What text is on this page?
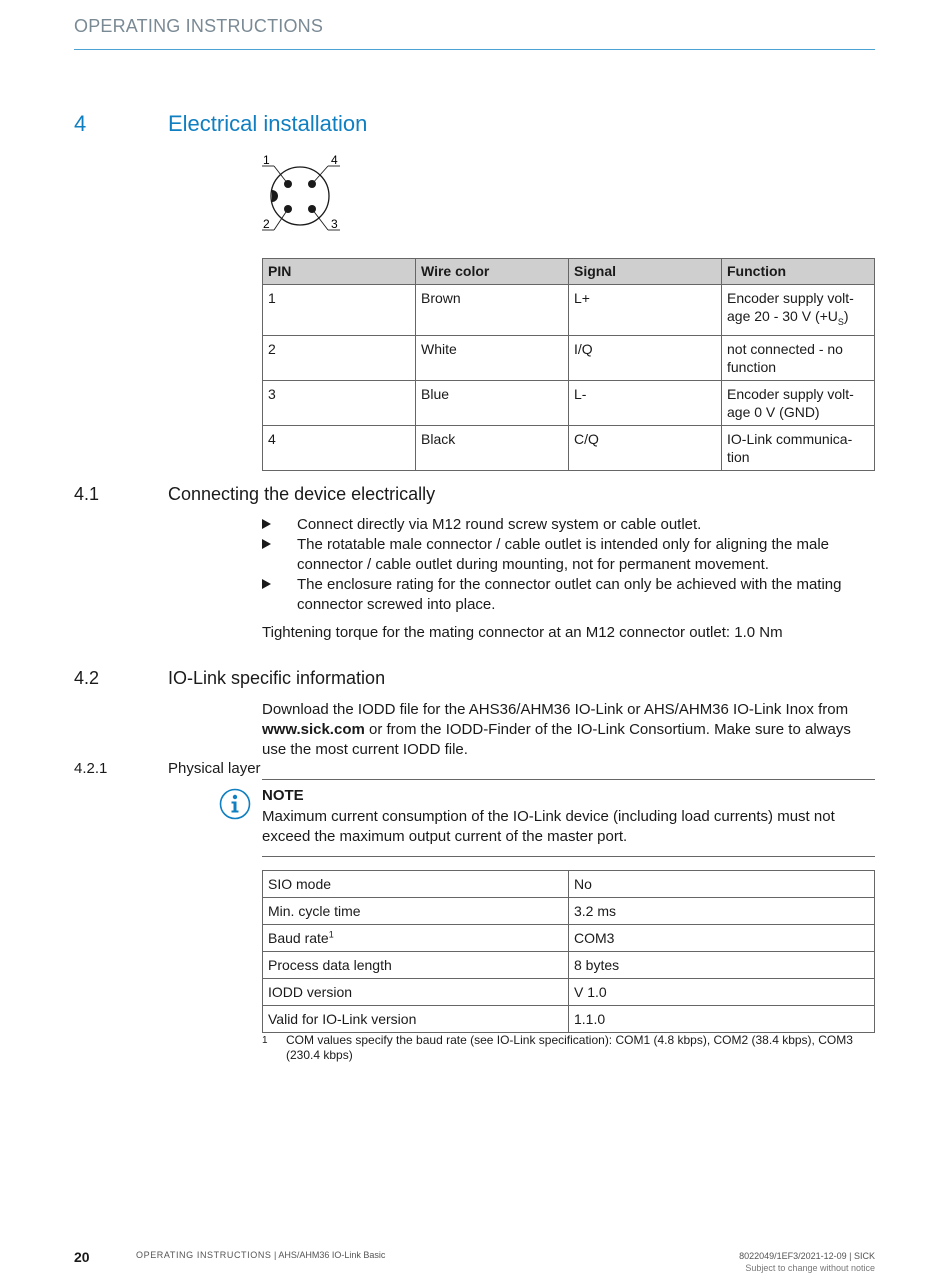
OPERATING INSTRUCTIONS
4	Electrical installation
1	4
2	3
PIN	Wire color	Signal	Function
1	Brown	L+	Encoder supply volt-
age 20 - 30 V $(+U_S)$
2	White	I/Q	not connected - no
function
3	Blue	L-	Encoder supply volt-
age 0 V (GND)
4	Black	C/Q	IO-Link communica-
tion
4.1	Connecting the device electrically
Connect directly via M12 round screw system or cable outlet.
The rotatable male connector / cable outlet is intended only for aligning the male connector / cable outlet during mounting, not for permanent movement.
The enclosure rating for the connector outlet can only be achieved with the mating connector screwed into place.
Tightening torque for the mating connector at an M12 connector outlet: 1.0 Nm
4.2	IO-Link specific information
Download the IODD file for the AHS36/AHM36 IO-Link or AHS/AHM36 IO-Link Inox from www.sick.com or from the IODD-Finder of the IO-Link Consortium. Make sure to always use the most current IODD file.
4.2.1	Physical layer
NOTE
Maximum current consumption of the IO-Link device (including load currents) must not exceed the maximum output current of the master port.
SIO mode	No
Min. cycle time	3.2 ms
Baud rate$^1$	COM3
Process data length	8 bytes
IODD version	V 1.0
Valid for IO-Link version	1.1.0
1	COM values specify the baud rate (see IO-Link specification): COM1 (4.8 kbps), COM2 (38.4 kbps), COM3 (230.4 kbps)
20	OPERATING INSTRUCTIONS | AHS/AHM36 IO-Link Basic	8022049/1EF3/2021-12-09 | SICK
Subject to change without notice
